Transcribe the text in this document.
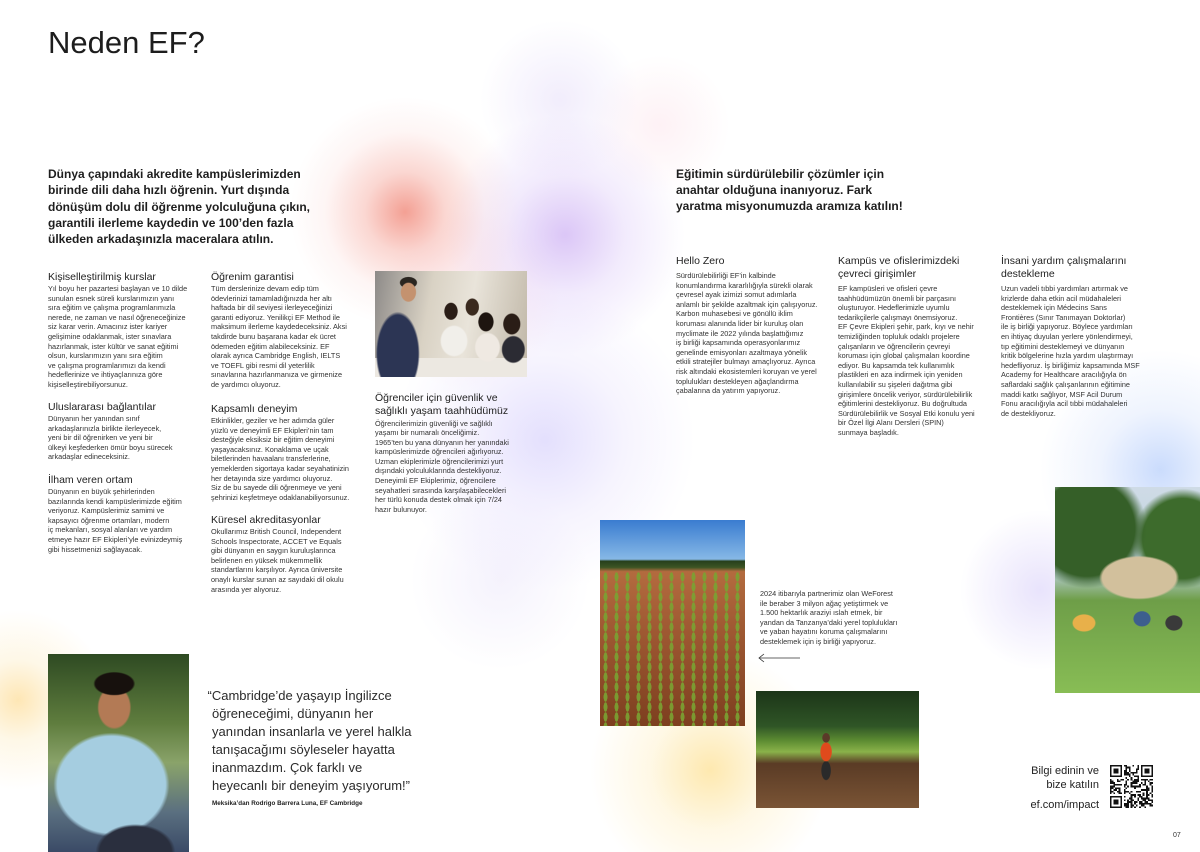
Neden EF?

Dünya çapındaki akredite kampüslerimizden
birinde dili daha hızlı öğrenin. Yurt dışında
dönüşüm dolu dil öğrenme yolculuğuna çıkın,
garantili ilerleme kaydedin ve 100’den fazla
ülkeden arkadaşınızla maceralara atılın.

Kişiselleştirilmiş kurslar

Yıl boyu her pazartesi başlayan ve 10 dilde
sunulan esnek süreli kurslarımızın yanı
sıra eğitim ve çalışma programlarımızla
nerede, ne zaman ve nasıl öğreneceğinize
siz karar verin. Amacınız ister kariyer
gelişimine odaklanmak, ister sınavlara
hazırlanmak, ister kültür ve sanat eğitimi
olsun, kurslarımızın yanı sıra eğitim
ve çalışma programlarımızı da kendi
hedeflerinize ve ihtiyaçlarınıza göre
kişiselleştirebiliyorsunuz.

Uluslararası bağlantılar

Dünyanın her yanından sınıf
arkadaşlarınızla birlikte ilerleyecek,
yeni bir dil öğrenirken ve yeni bir
ülkeyi keşfederken ömür boyu sürecek
arkadaşlar edineceksiniz.

İlham veren ortam

Dünyanın en büyük şehirlerinden
bazılarında kendi kampüslerimizde eğitim
veriyoruz. Kampüslerimiz samimi ve
kapsayıcı öğrenme ortamları, modern
iç mekanları, sosyal alanları ve yardım
etmeye hazır EF Ekipleri’yle evinizdeymiş
gibi hissetmenizi sağlayacak.

Öğrenim garantisi

Tüm derslerinize devam edip tüm
ödevlerinizi tamamladığınızda her altı
haftada bir dil seviyesi ilerleyeceğinizi
garanti ediyoruz. Yenilikçi EF Method ile
maksimum ilerleme kaydedeceksiniz. Aksi
takdirde bunu başarana kadar ek ücret
ödemeden eğitim alabileceksiniz. EF
olarak ayrıca Cambridge English, IELTS
ve TOEFL gibi resmi dil yeterlilik
sınavlarına hazırlanmanıza ve girmenize
de yardımcı oluyoruz.

Kapsamlı deneyim

Etkinlikler, geziler ve her adımda güler
yüzlü ve deneyimli EF Ekipleri’nin tam
desteğiyle eksiksiz bir eğitim deneyimi
yaşayacaksınız. Konaklama ve uçak
biletlerinden havaalanı transferlerine,
yemeklerden sigortaya kadar seyahatinizin
her detayında size yardımcı oluyoruz.
Siz de bu sayede dili öğrenmeye ve yeni
şehrinizi keşfetmeye odaklanabiliyorsunuz.

Küresel akreditasyonlar

Okullarımız British Council, Independent
Schools Inspectorate, ACCET ve Equals
gibi dünyanın en saygın kuruluşlarınca
belirlenen en yüksek mükemmellik
standartlarını karşılıyor. Ayrıca üniversite
onaylı kurslar sunan az sayıdaki dil okulu
arasında yer alıyoruz.

Öğrenciler için güvenlik ve
sağlıklı yaşam taahhüdümüz

Öğrencilerimizin güvenliği ve sağlıklı
yaşamı bir numaralı önceliğimiz.
1965’ten bu yana dünyanın her yanındaki
kampüslerimizde öğrencileri ağırlıyoruz.
Uzman ekiplerimizle öğrencilerimizi yurt
dışındaki yolculuklarında destekliyoruz.
Deneyimli EF Ekiplerimiz, öğrencilere
seyahatleri sırasında karşılaşabilecekleri
her türlü konuda destek olmak için 7/24
hazır bulunuyor.

“Cambridge’de yaşayıp İngilizce
öğreneceğimi, dünyanın her
yanından insanlarla ve yerel halkla
tanışacağımı söyleseler hayatta
inanmazdım. Çok farklı ve
heyecanlı bir deneyim yaşıyorum!”

Meksika’dan Rodrigo Barrera Luna, EF Cambridge

Eğitimin sürdürülebilir çözümler için
anahtar olduğuna inanıyoruz. Fark
yaratma misyonumuzda aramıza katılın!

Hello Zero

Sürdürülebilirliği EF’in kalbinde
konumlandırma kararlılığıyla sürekli olarak
çevresel ayak izimizi somut adımlarla
anlamlı bir şekilde azaltmak için çalışıyoruz.
Karbon muhasebesi ve gönüllü iklim
koruması alanında lider bir kuruluş olan
myclimate ile 2022 yılında başlattığımız
iş birliği kapsamında operasyonlarımız
genelinde emisyonları azaltmaya yönelik
etkili stratejiler bulmayı amaçlıyoruz. Ayrıca
risk altındaki ekosistemleri koruyan ve yerel
toplulukları destekleyen ağaçlandırma
çabalarına da yatırım yapıyoruz.

Kampüs ve ofislerimizdeki
çevreci girişimler

EF kampüsleri ve ofisleri çevre
taahhüdümüzün önemli bir parçasını
oluşturuyor. Hedeflerimizle uyumlu
tedarikçilerle çalışmayı önemsiyoruz.
EF Çevre Ekipleri şehir, park, kıyı ve nehir
temizliğinden topluluk odaklı projelere
çalışanların ve öğrencilerin çevreyi
koruması için global çalışmaları koordine
ediyor. Bu kapsamda tek kullanımlık
plastikleri en aza indirmek için yeniden
kullanılabilir su şişeleri dağıtma gibi
girişimlere öncelik veriyor, sürdürülebilirlik
eğitimlerini destekliyoruz. Bu doğrultuda
Sürdürülebilirlik ve Sosyal Etki konulu yeni
bir Özel İlgi Alanı Dersleri (SPIN)
sunmaya başladık.

İnsani yardım çalışmalarını
destekleme

Uzun vadeli tıbbi yardımları artırmak ve
krizlerde daha etkin acil müdahaleleri
desteklemek için Médecins Sans
Frontières (Sınır Tanımayan Doktorlar)
ile iş birliği yapıyoruz. Böylece yardımları
en ihtiyaç duyulan yerlere yönlendirmeyi,
tıp eğitimini desteklemeyi ve dünyanın
kritik bölgelerine hızla yardım ulaştırmayı
hedefliyoruz. İş birliğimiz kapsamında MSF
Academy for Healthcare aracılığıyla ön
saflardaki sağlık çalışanlarının eğitimine
maddi katkı sağlıyor, MSF Acil Durum
Fonu aracılığıyla acil tıbbi müdahaleleri
de destekliyoruz.

2024 itibarıyla partnerimiz olan WeForest
ile beraber 3 milyon ağaç yetiştirmek ve
1.500 hektarlık araziyi ıslah etmek, bir
yandan da Tanzanya’daki yerel toplulukları
ve yaban hayatını koruma çalışmalarını
desteklemek için iş birliği yapıyoruz.

Bilgi edinin ve
bize katılın

ef.com/impact

07
